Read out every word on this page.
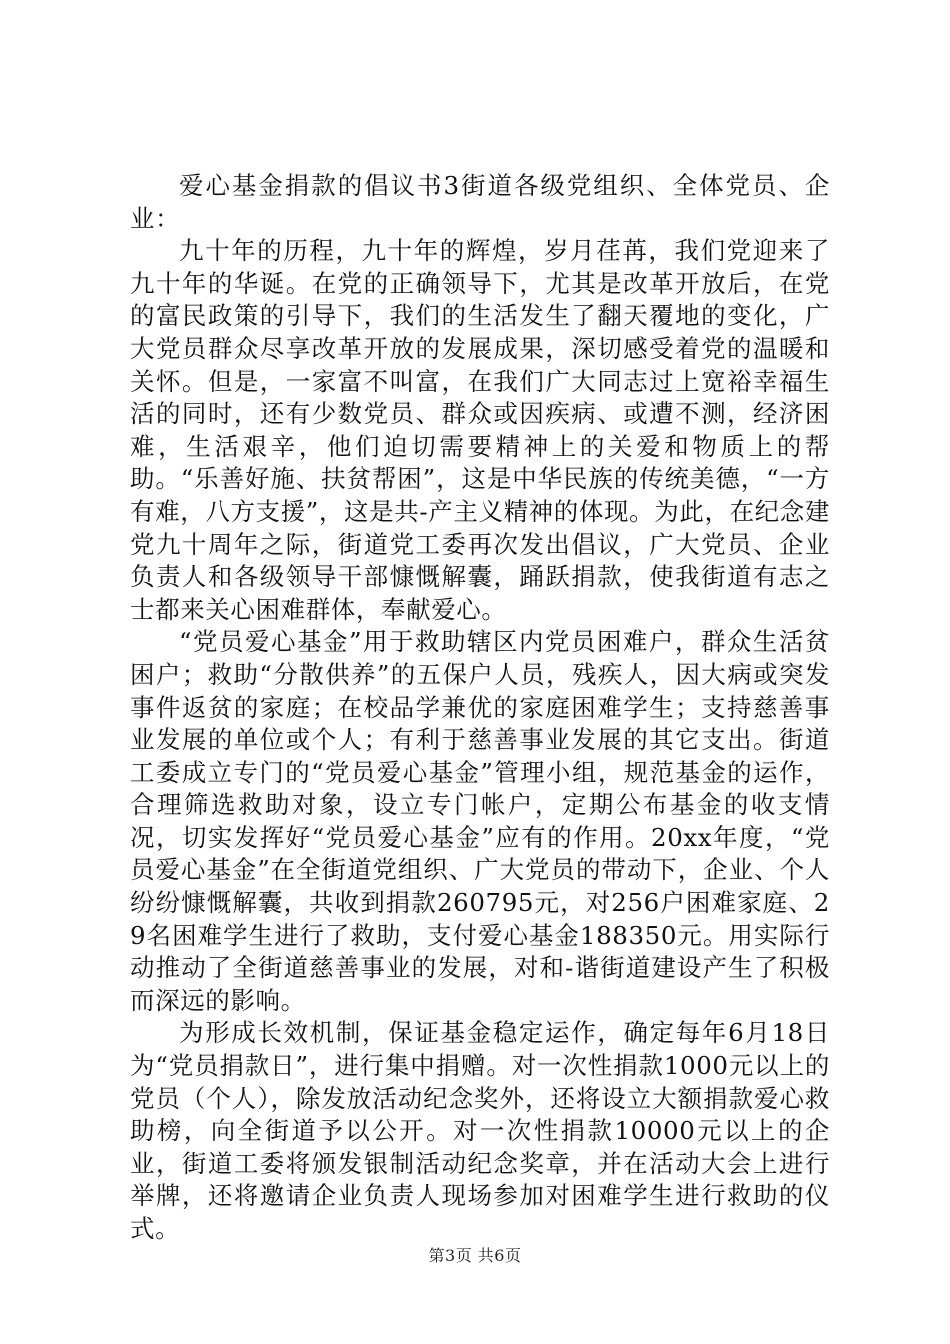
爱心基金捐款的倡议书3街道各级党组织、全体党员、企业：

九十年的历程，九十年的辉煌，岁月荏苒，我们党迎来了九十年的华诞。在党的正确领导下，尤其是改革开放后，在党的富民政策的引导下，我们的生活发生了翻天覆地的变化，广大党员群众尽享改革开放的发展成果，深切感受着党的温暖和关怀。但是，一家富不叫富，在我们广大同志过上宽裕幸福生活的同时，还有少数党员、群众或因疾病、或遭不测，经济困难，生活艰辛，他们迫切需要精神上的关爱和物质上的帮助。“乐善好施、扶贫帮困”，这是中华民族的传统美德，“一方有难，八方支援”，这是共-产主义精神的体现。为此，在纪念建党九十周年之际，街道党工委再次发出倡议，广大党员、企业负责人和各级领导干部慷慨解囊，踊跃捐款，使我街道有志之士都来关心困难群体，奉献爱心。

“党员爱心基金”用于救助辖区内党员困难户，群众生活贫困户；救助“分散供养”的五保户人员，残疾人，因大病或突发事件返贫的家庭；在校品学兼优的家庭困难学生；支持慈善事业发展的单位或个人；有利于慈善事业发展的其它支出。街道工委成立专门的“党员爱心基金”管理小组，规范基金的运作，合理筛选救助对象，设立专门帐户，定期公布基金的收支情况，切实发挥好“党员爱心基金”应有的作用。20xx年度，“党员爱心基金”在全街道党组织、广大党员的带动下，企业、个人纷纷慷慨解囊，共收到捐款260795元，对256户困难家庭、29名困难学生进行了救助，支付爱心基金188350元。用实际行动推动了全街道慈善事业的发展，对和-谐街道建设产生了积极而深远的影响。

为形成长效机制，保证基金稳定运作，确定每年6月18日为“党员捐款日”，进行集中捐赠。对一次性捐款1000元以上的党员（个人），除发放活动纪念奖外，还将设立大额捐款爱心救助榜，向全街道予以公开。对一次性捐款10000元以上的企业，街道工委将颁发银制活动纪念奖章，并在活动大会上进行举牌，还将邀请企业负责人现场参加对困难学生进行救助的仪式。

第3页 共6页
